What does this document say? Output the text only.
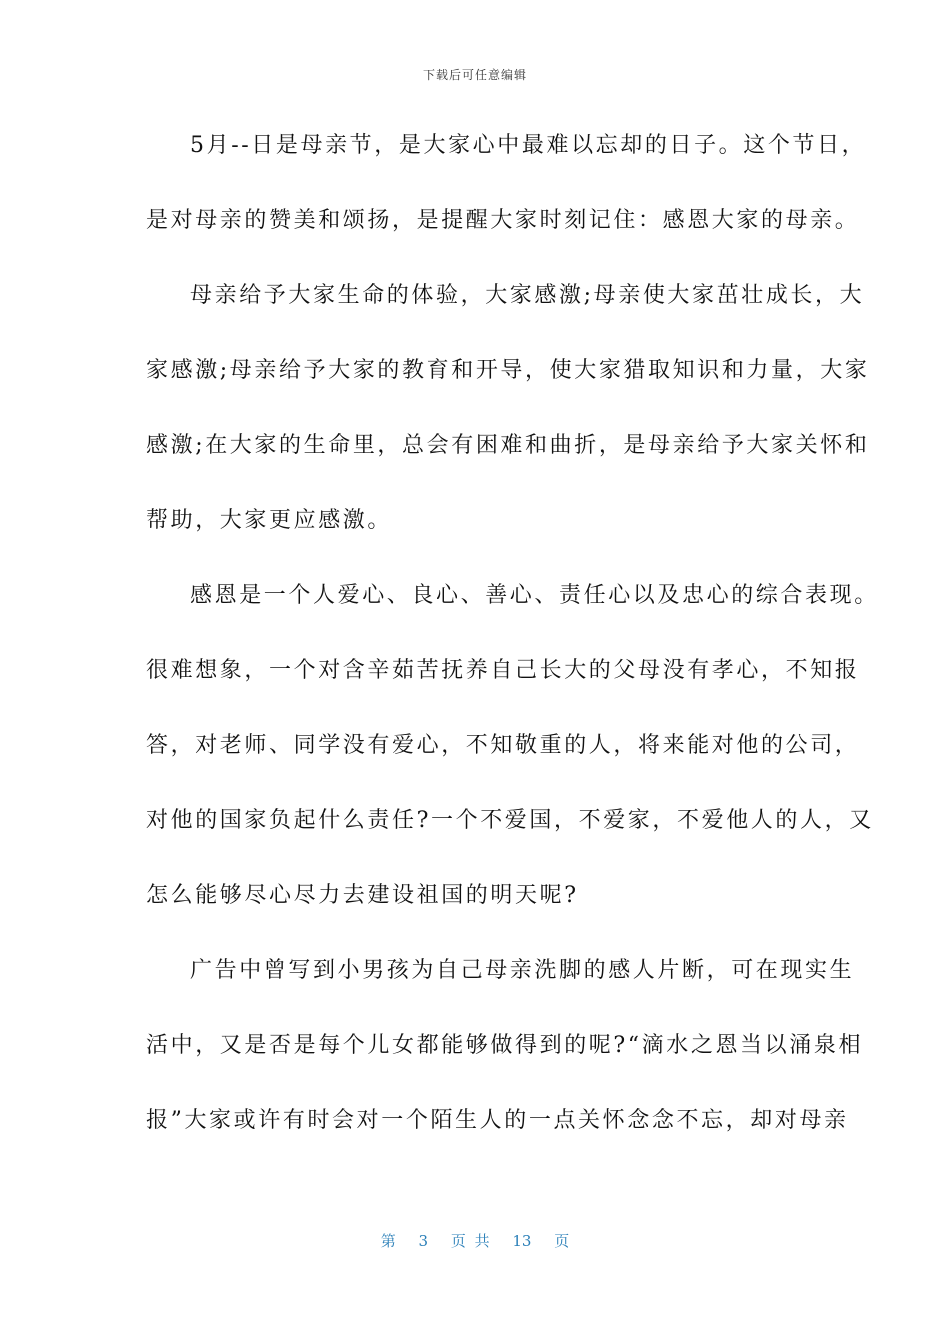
下载后可任意编辑
5月--日是母亲节，是大家心中最难以忘却的日子。这个节日，
是对母亲的赞美和颂扬，是提醒大家时刻记住：感恩大家的母亲。
母亲给予大家生命的体验，大家感激;母亲使大家茁壮成长，大
家感激;母亲给予大家的教育和开导，使大家猎取知识和力量，大家
感激;在大家的生命里，总会有困难和曲折，是母亲给予大家关怀和
帮助，大家更应感激。
感恩是一个人爱心、良心、善心、责任心以及忠心的综合表现。
很难想象，一个对含辛茹苦抚养自己长大的父母没有孝心，不知报
答，对老师、同学没有爱心，不知敬重的人，将来能对他的公司，
对他的国家负起什么责任?一个不爱国，不爱家，不爱他人的人，又
怎么能够尽心尽力去建设祖国的明天呢?
广告中曾写到小男孩为自己母亲洗脚的感人片断，可在现实生
活中，又是否是每个儿女都能够做得到的呢?“滴水之恩当以涌泉相
报”大家或许有时会对一个陌生人的一点关怀念念不忘，却对母亲
第 3 页 共 13 页
